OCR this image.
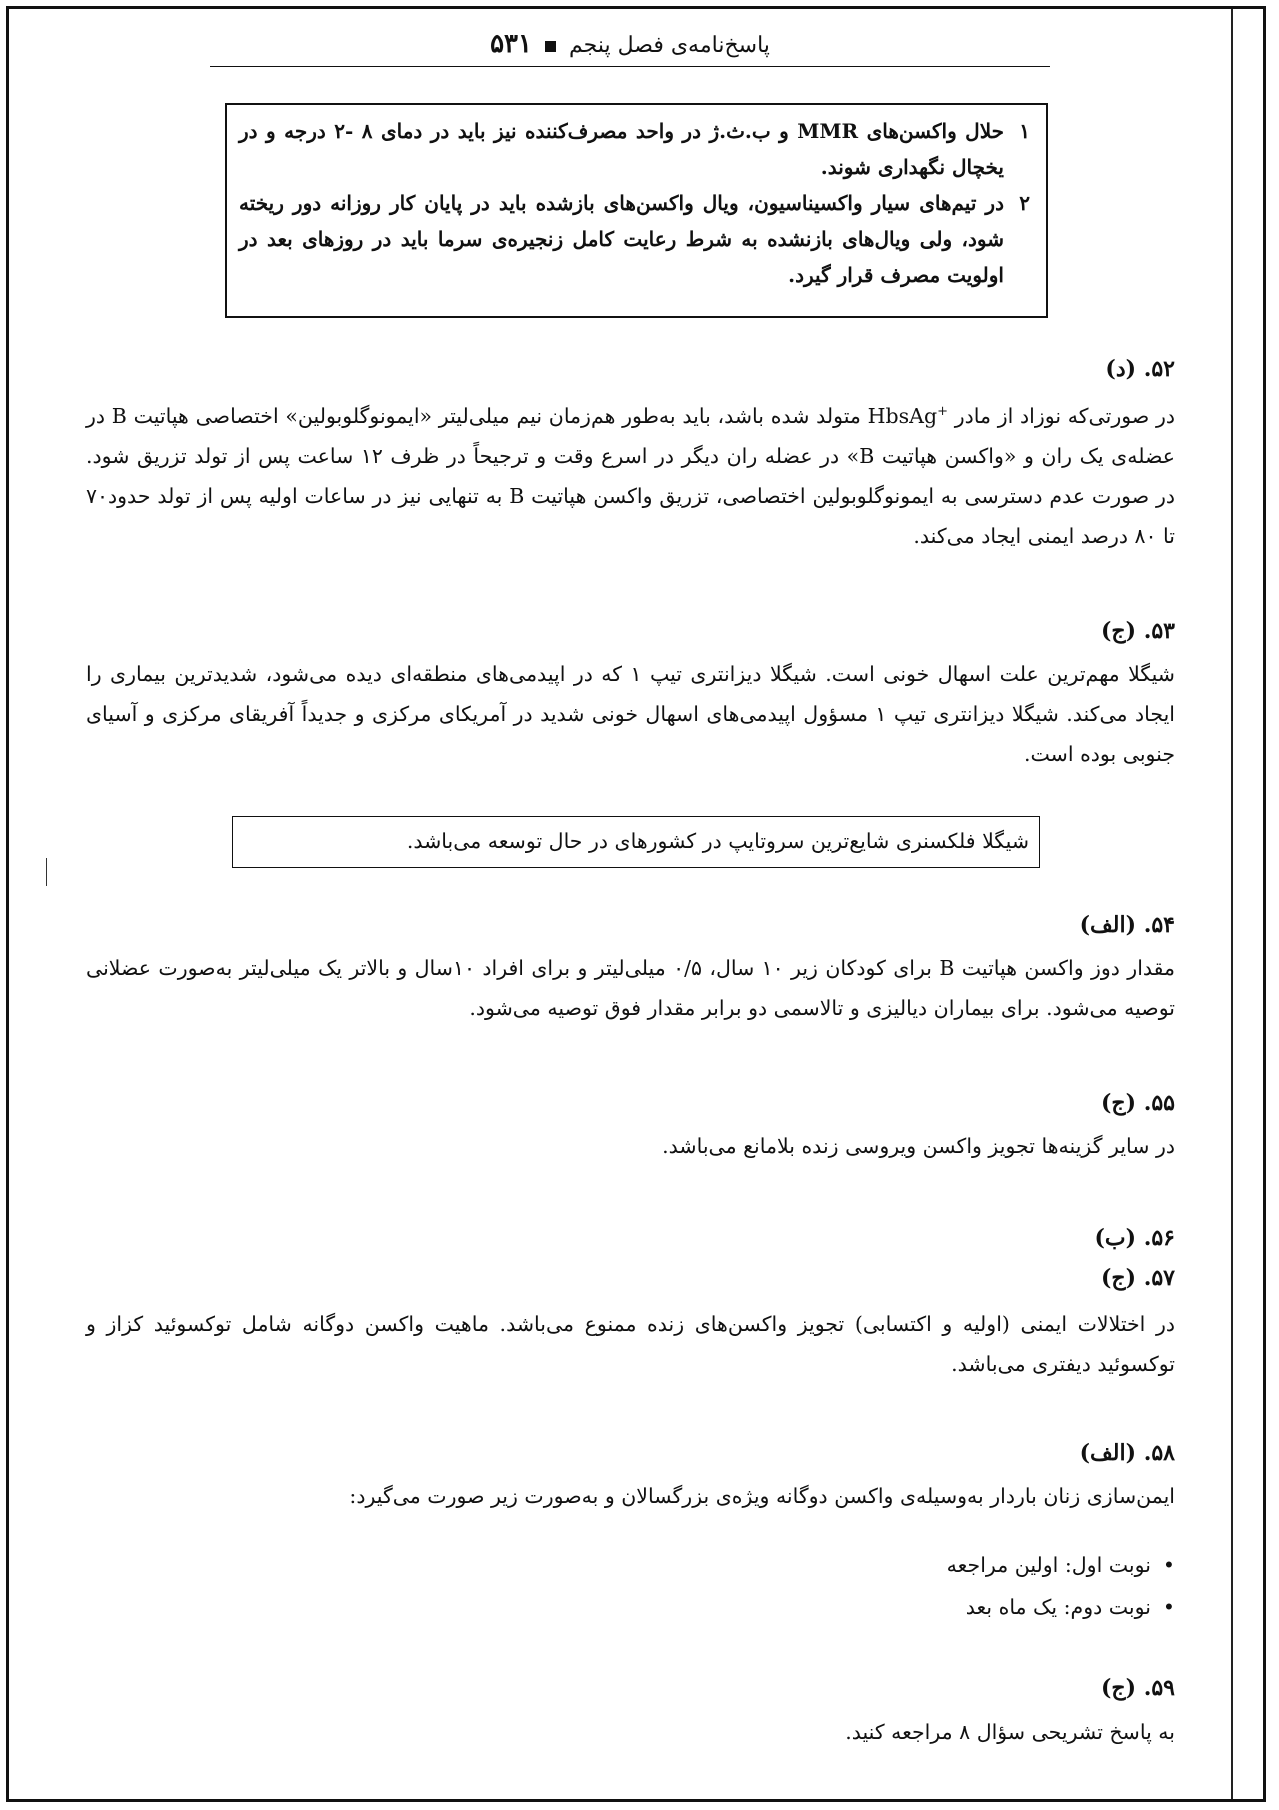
پاسخ‌نامه‌ی فصل پنجم  ۵۳۱
۱
حلال واکسن‌های MMR و ب.ث.ژ در واحد مصرف‌کننده نیز باید در دمای ۸ -۲ درجه و در یخچال نگهداری شوند.
۲
در تیم‌های سیار واکسیناسیون، ویال واکسن‌های بازشده باید در پایان کار روزانه دور ریخته شود، ولی ویال‌های بازنشده به شرط رعایت کامل زنجیره‌ی سرما باید در روزهای بعد در اولویت مصرف قرار گیرد.
۵۲. (د)
در صورتی‌که نوزاد از مادر HbsAg+ متولد شده باشد، باید به‌طور هم‌زمان نیم میلی‌لیتر «ایمونوگلوبولین» اختصاصی هپاتیت B در عضله‌ی یک ران و «واکسن هپاتیت B» در عضله ران دیگر در اسرع وقت و ترجیحاً در ظرف ۱۲ ساعت پس از تولد تزریق شود. در صورت عدم دسترسی به ایمونوگلوبولین اختصاصی، تزریق واکسن هپاتیت B به تنهایی نیز در ساعات اولیه پس از تولد حدود۷۰ تا ۸۰ درصد ایمنی ایجاد می‌کند.
۵۳. (ج)
شیگلا مهم‌ترین علت اسهال خونی است. شیگلا دیزانتری تیپ ۱ که در اپیدمی‌های منطقه‌ای دیده می‌شود، شدیدترین بیماری را ایجاد می‌کند. شیگلا دیزانتری تیپ ۱ مسؤول اپیدمی‌های اسهال خونی شدید در آمریکای مرکزی و جدیداً آفریقای مرکزی و آسیای جنوبی بوده است.
شیگلا فلکسنری شایع‌ترین سروتایپ در کشورهای در حال توسعه می‌باشد.
۵۴. (الف)
مقدار دوز واکسن هپاتیت B برای کودکان زیر ۱۰ سال، ۰/۵ میلی‌لیتر و برای افراد ۱۰سال و بالاتر یک میلی‌لیتر به‌صورت عضلانی توصیه می‌شود. برای بیماران دیالیزی و تالاسمی دو برابر مقدار فوق توصیه می‌شود.
۵۵. (ج)
در سایر گزینه‌ها تجویز واکسن ویروسی زنده بلامانع می‌باشد.
۵۶. (ب)
۵۷. (ج)
در اختلالات ایمنی (اولیه و اکتسابی) تجویز واکسن‌های زنده ممنوع می‌باشد. ماهیت واکسن دوگانه شامل توکسوئید کزاز و توکسوئید دیفتری می‌باشد.
۵۸. (الف)
ایمن‌سازی زنان باردار به‌وسیله‌ی واکسن دوگانه ویژه‌ی بزرگسالان و به‌صورت زیر صورت می‌گیرد:
• نوبت اول: اولین مراجعه
• نوبت دوم: یک ماه بعد
۵۹. (ج)
به پاسخ تشریحی سؤال ۸ مراجعه کنید.
